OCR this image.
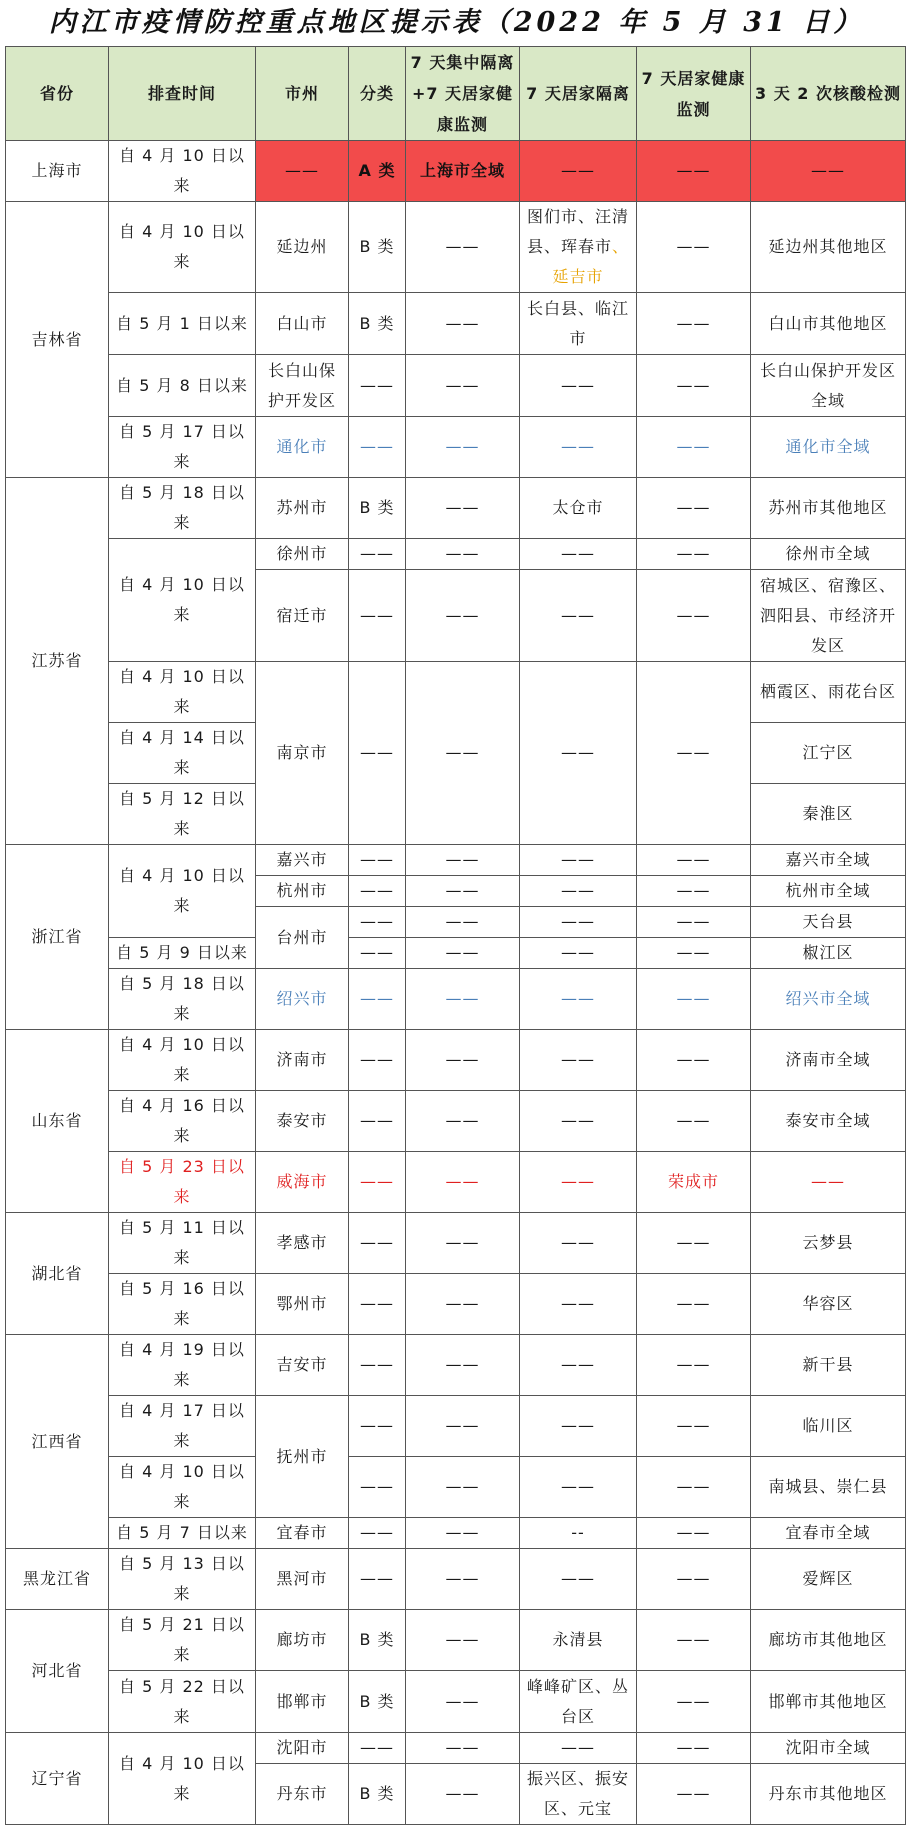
内江市疫情防控重点地区提示表（2022 年 5 月 31 日）
省份	排查时间	市州	分类	7 天集中隔离+7 天居家健康监测	7 天居家隔离	7 天居家健康监测	3 天 2 次核酸检测
上海市	自 4 月 10 日以来	——	A 类	上海市全域	——	——	——
吉林省	自 4 月 10 日以来	延边州	B 类	——	图们市、汪清县、珲春市、延吉市	——	延边州其他地区
	自 5 月 1 日以来	白山市	B 类	——	长白县、临江市	——	白山市其他地区
	自 5 月 8 日以来	长白山保护开发区	——	——	——	——	长白山保护开发区全域
	自 5 月 17 日以来	通化市	——	——	——	——	通化市全域
江苏省	自 5 月 18 日以来	苏州市	B 类	——	太仓市	——	苏州市其他地区
	自 4 月 10 日以来	徐州市	——	——	——	——	徐州市全域
		宿迁市	——	——	——	——	宿城区、宿豫区、泗阳县、市经济开发区
	自 4 月 10 日以来	南京市	——	——	——	——	栖霞区、雨花台区
	自 4 月 14 日以来						江宁区
	自 5 月 12 日以来						秦淮区
浙江省	自 4 月 10 日以来	嘉兴市	——	——	——	——	嘉兴市全域
		杭州市	——	——	——	——	杭州市全域
		台州市	——	——	——	——	天台县
	自 5 月 9 日以来		——	——	——	——	椒江区
	自 5 月 18 日以来	绍兴市	——	——	——	——	绍兴市全域
山东省	自 4 月 10 日以来	济南市	——	——	——	——	济南市全域
	自 4 月 16 日以来	泰安市	——	——	——	——	泰安市全域
	自 5 月 23 日以来	威海市	——	——	——	荣成市	——
湖北省	自 5 月 11 日以来	孝感市	——	——	——	——	云梦县
	自 5 月 16 日以来	鄂州市	——	——	——	——	华容区
江西省	自 4 月 19 日以来	吉安市	——	——	——	——	新干县
	自 4 月 17 日以来	抚州市	——	——	——	——	临川区
	自 4 月 10 日以来		——	——	——	——	南城县、崇仁县
	自 5 月 7 日以来	宜春市	——	——	--	——	宜春市全域
黑龙江省	自 5 月 13 日以来	黑河市	——	——	——	——	爱辉区
河北省	自 5 月 21 日以来	廊坊市	B 类	——	永清县	——	廊坊市其他地区
	自 5 月 22 日以来	邯郸市	B 类	——	峰峰矿区、丛台区	——	邯郸市其他地区
辽宁省	自 4 月 10 日以来	沈阳市	——	——	——	——	沈阳市全域
		丹东市	B 类	——	振兴区、振安区、元宝	——	丹东市其他地区
